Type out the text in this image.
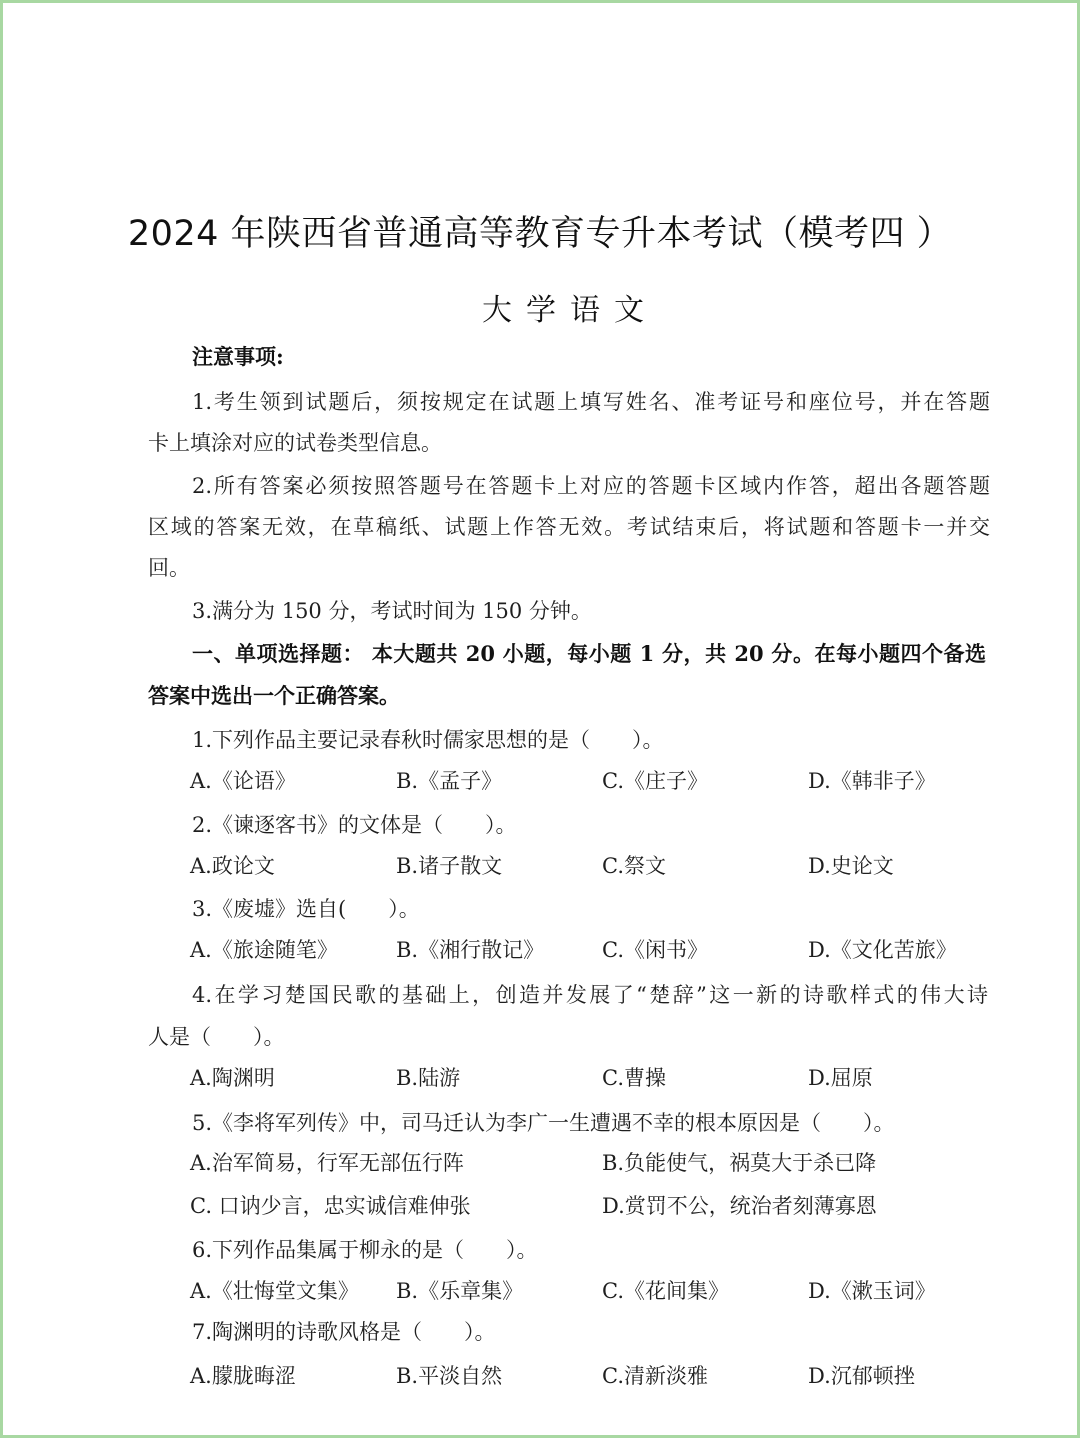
2024 年陕西省普通高等教育专升本考试（模考四 ）
大学语文
注意事项:
1.考生领到试题后，须按规定在试题上填写姓名、准考证号和座位号，并在答题
卡上填涂对应的试卷类型信息。
2.所有答案必须按照答题号在答题卡上对应的答题卡区域内作答，超出各题答题
区域的答案无效，在草稿纸、试题上作答无效。考试结束后，将试题和答题卡一并交
回。
3.满分为 150 分，考试时间为 150 分钟。
一、单项选择题： 本大题共 20 小题，每小题 1 分，共 20 分。在每小题四个备选
答案中选出一个正确答案。
1.下列作品主要记录春秋时儒家思想的是（　　）。
A.《论语》	B.《孟子》	C.《庄子》	D.《韩非子》
2.《谏逐客书》的文体是（　　）。
A.政论文	B.诸子散文	C.祭文	D.史论文
3.《废墟》选自(　　）。
A.《旅途随笔》	B.《湘行散记》	C.《闲书》	D.《文化苦旅》
4.在学习楚国民歌的基础上，创造并发展了“楚辞”这一新的诗歌样式的伟大诗
人是（　　）。
A.陶渊明	B.陆游	C.曹操	D.屈原
5.《李将军列传》中，司马迁认为李广一生遭遇不幸的根本原因是（　　）。
A.治军简易，行军无部伍行阵	B.负能使气，祸莫大于杀已降
C. 口讷少言，忠实诚信难伸张	D.赏罚不公，统治者刻薄寡恩
6.下列作品集属于柳永的是（　　）。
A.《壮悔堂文集》 B.《乐章集》	C.《花间集》	D.《漱玉词》
7.陶渊明的诗歌风格是（　　）。
A.朦胧晦涩	B.平淡自然	C.清新淡雅	D.沉郁顿挫
